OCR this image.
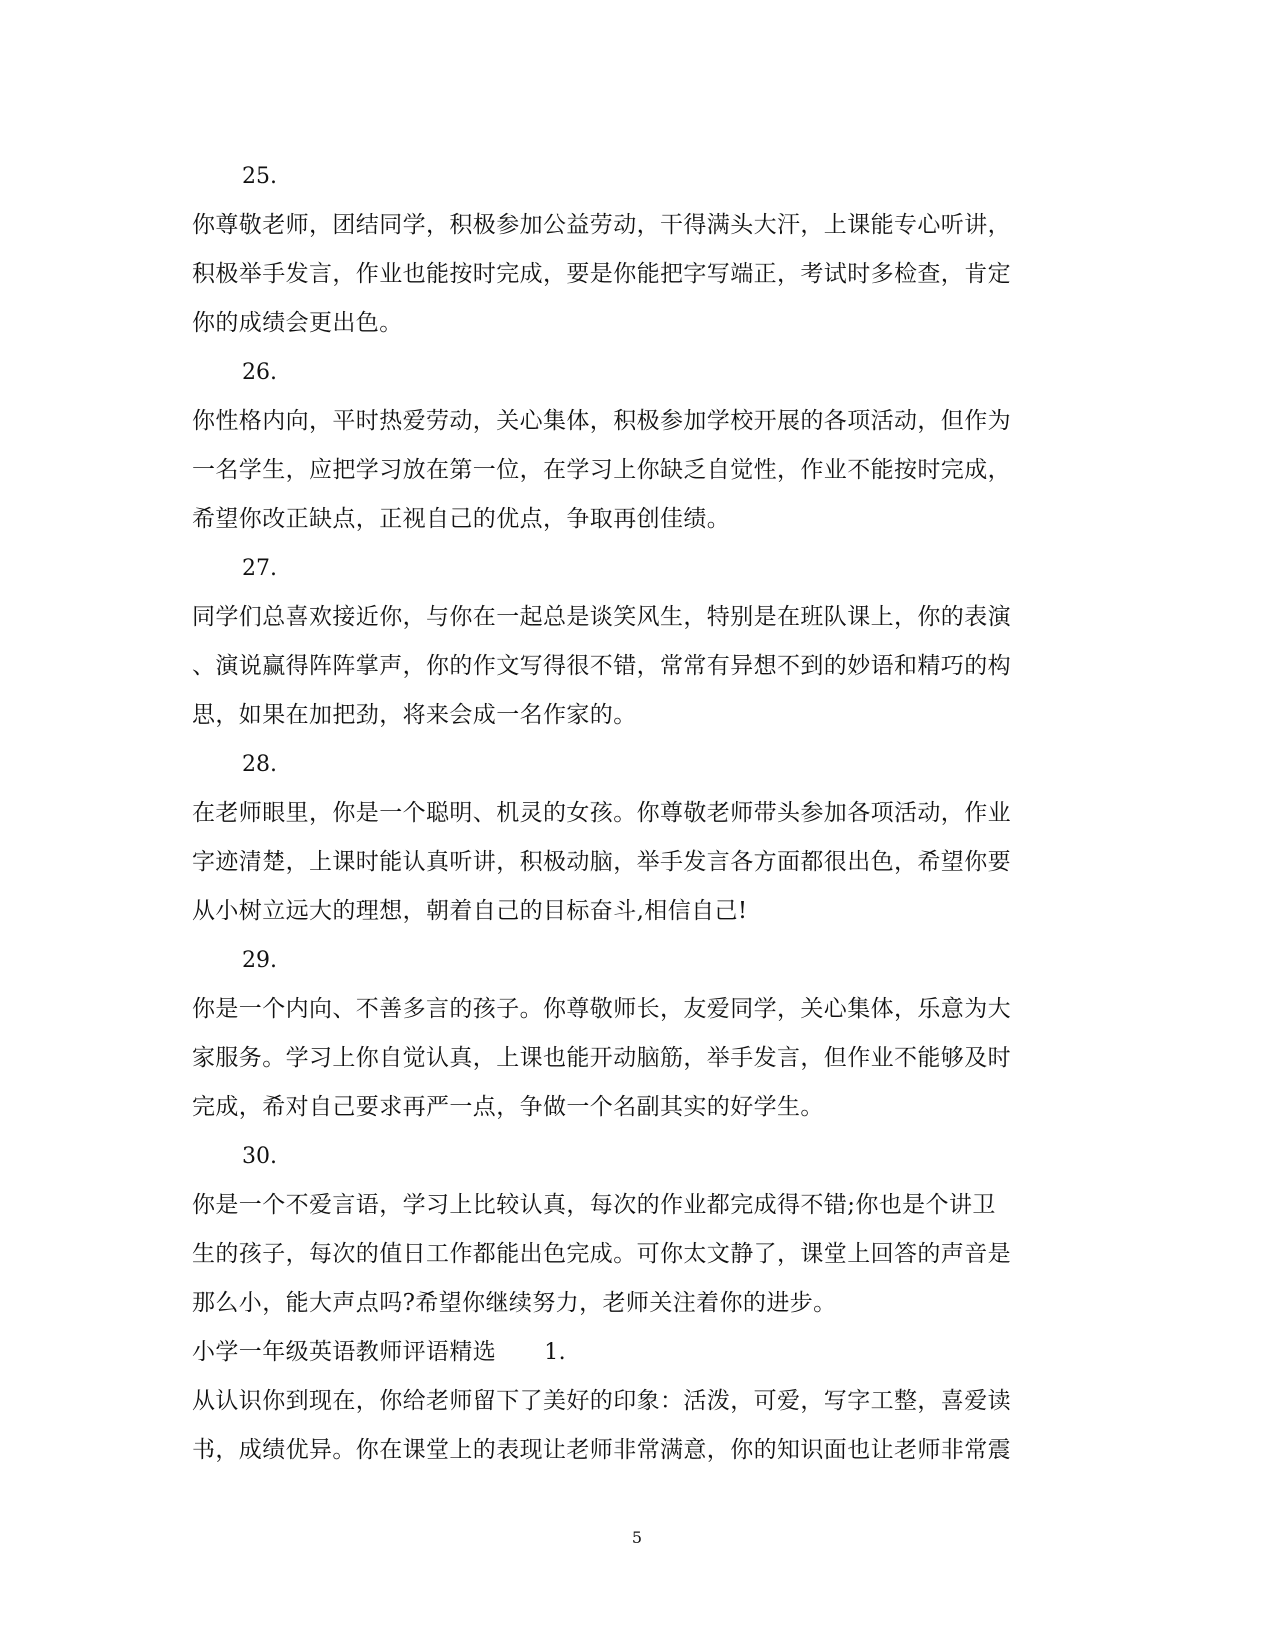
25.
你尊敬老师，团结同学，积极参加公益劳动，干得满头大汗，上课能专心听讲，
积极举手发言，作业也能按时完成，要是你能把字写端正，考试时多检查，肯定
你的成绩会更出色。
26.
你性格内向，平时热爱劳动，关心集体，积极参加学校开展的各项活动，但作为
一名学生，应把学习放在第一位，在学习上你缺乏自觉性，作业不能按时完成，
希望你改正缺点，正视自己的优点，争取再创佳绩。
27.
同学们总喜欢接近你，与你在一起总是谈笑风生，特别是在班队课上，你的表演
、演说赢得阵阵掌声，你的作文写得很不错，常常有异想不到的妙语和精巧的构
思，如果在加把劲，将来会成一名作家的。
28.
在老师眼里，你是一个聪明、机灵的女孩。你尊敬老师带头参加各项活动，作业
字迹清楚，上课时能认真听讲，积极动脑，举手发言各方面都很出色，希望你要
从小树立远大的理想，朝着自己的目标奋斗,相信自己!
29.
你是一个内向、不善多言的孩子。你尊敬师长，友爱同学，关心集体，乐意为大
家服务。学习上你自觉认真，上课也能开动脑筋，举手发言，但作业不能够及时
完成，希对自己要求再严一点，争做一个名副其实的好学生。
30.
你是一个不爱言语，学习上比较认真，每次的作业都完成得不错;你也是个讲卫
生的孩子，每次的值日工作都能出色完成。可你太文静了，课堂上回答的声音是
那么小，能大声点吗?希望你继续努力，老师关注着你的进步。
小学一年级英语教师评语精选 1.
从认识你到现在，你给老师留下了美好的印象：活泼，可爱，写字工整，喜爱读
书，成绩优异。你在课堂上的表现让老师非常满意，你的知识面也让老师非常震
5
